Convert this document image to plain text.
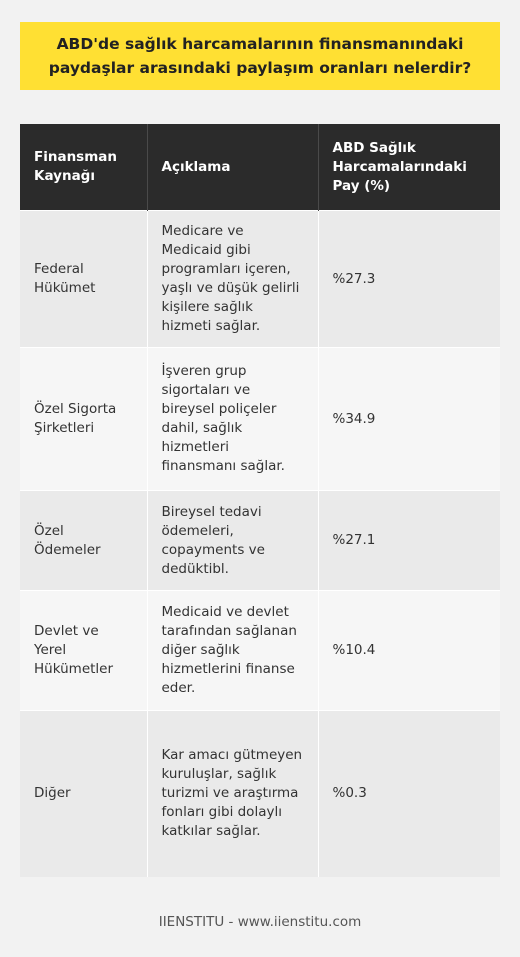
ABD'de sağlık harcamalarının finansmanındaki paydaşlar arasındaki paylaşım oranları nelerdir?
Finansman Kaynağı	Açıklama	ABD Sağlık Harcamalarındaki Pay (%)
Federal Hükümet	Medicare ve Medicaid gibi programları içeren, yaşlı ve düşük gelirli kişilere sağlık hizmeti sağlar.	%27.3
Özel Sigorta Şirketleri	İşveren grup sigortaları ve bireysel poliçeler dahil, sağlık hizmetleri finansmanı sağlar.	%34.9
Özel Ödemeler	Bireysel tedavi ödemeleri, copayments ve dedüktibl.	%27.1
Devlet ve Yerel Hükümetler	Medicaid ve devlet tarafından sağlanan diğer sağlık hizmetlerini finanse eder.	%10.4
Diğer	Kar amacı gütmeyen kuruluşlar, sağlık turizmi ve araştırma fonları gibi dolaylı katkılar sağlar.	%0.3
IIENSTITU - www.iienstitu.com
